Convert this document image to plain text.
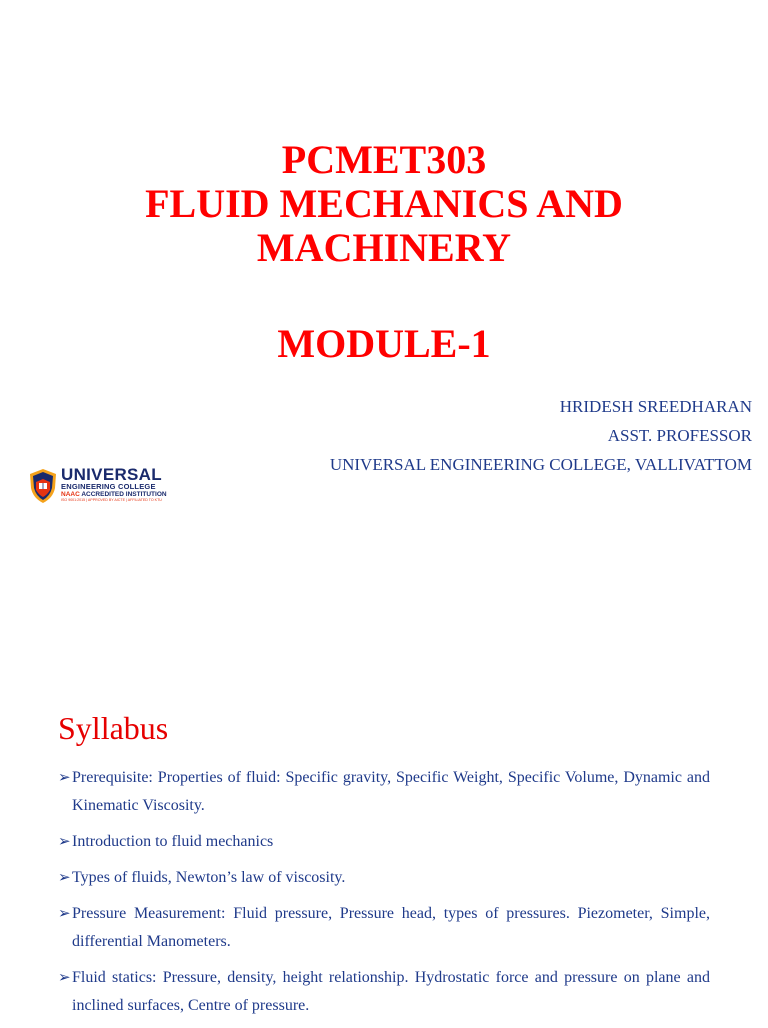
PCMET303
FLUID MECHANICS AND
MACHINERY
MODULE-1
HRIDESH SREEDHARAN
ASST. PROFESSOR
UNIVERSAL ENGINEERING COLLEGE, VALLIVATTOM
UNIVERSAL
ENGINEERING COLLEGE
NAAC ACCREDITED INSTITUTION
ISO 9001:2015 | APPROVED BY AICTE | AFFILIATED TO KTU
Syllabus
➢ Prerequisite: Properties of fluid: Specific gravity, Specific Weight, Specific Volume, Dynamic and Kinematic Viscosity.
➢ Introduction to fluid mechanics
➢ Types of fluids, Newton’s law of viscosity.
➢ Pressure Measurement: Fluid pressure, Pressure head, types of pressures. Piezometer, Simple, differential Manometers.
➢ Fluid statics: Pressure, density, height relationship. Hydrostatic force and pressure on plane and inclined surfaces, Centre of pressure.
